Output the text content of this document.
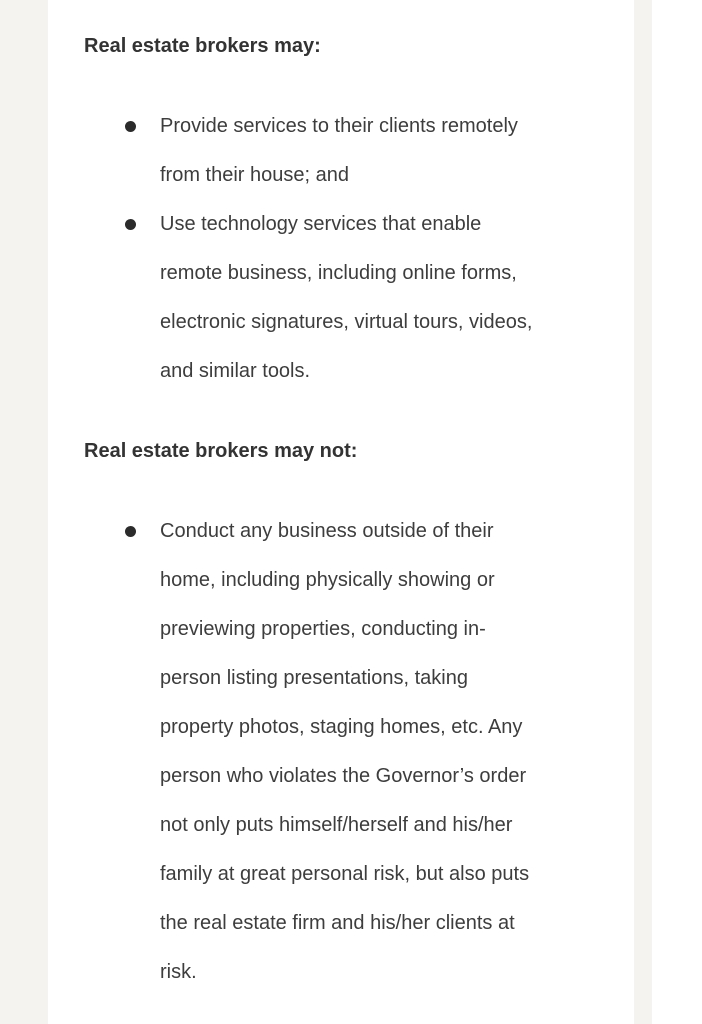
Real estate brokers may:

Provide services to their clients remotely
from their house; and

Use technology services that enable
remote business, including online forms,
electronic signatures, virtual tours, videos,
and similar tools.

Real estate brokers may not:

Conduct any business outside of their
home, including physically showing or
previewing properties, conducting in-
person listing presentations, taking
property photos, staging homes, etc. Any
person who violates the Governor’s order
not only puts himself/herself and his/her
family at great personal risk, but also puts
the real estate firm and his/her clients at
risk.
